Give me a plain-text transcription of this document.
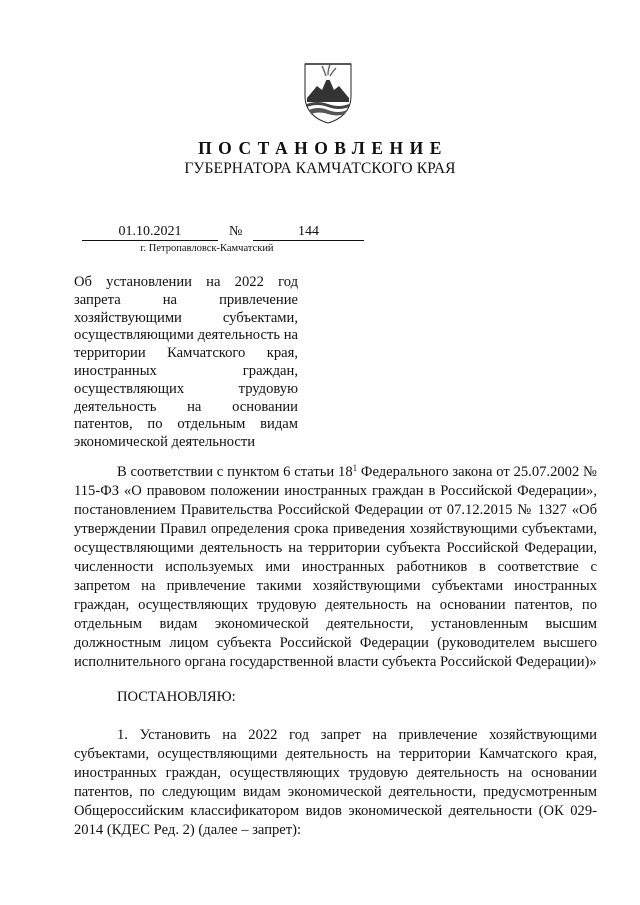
ПОСТАНОВЛЕНИЕ
ГУБЕРНАТОРА КАМЧАТСКОГО КРАЯ
01.10.2021	№	144
г. Петропавловск-Камчатский
Об установлении на 2022 год запрета на привлечение хозяйствующими субъектами, осуществляющими деятельность на территории Камчатского края, иностранных граждан, осуществляющих трудовую деятельность на основании патентов, по отдельным видам экономической деятельности
В соответствии с пунктом 6 статьи $18^1$ Федерального закона от 25.07.2002 № 115-ФЗ «О правовом положении иностранных граждан в Российской Федерации», постановлением Правительства Российской Федерации от 07.12.2015 № 1327 «Об утверждении Правил определения срока приведения хозяйствующими субъектами, осуществляющими деятельность на территории субъекта Российской Федерации, численности используемых ими иностранных работников в соответствие с запретом на привлечение такими хозяйствующими субъектами иностранных граждан, осуществляющих трудовую деятельность на основании патентов, по отдельным видам экономической деятельности, установленным высшим должностным лицом субъекта Российской Федерации (руководителем высшего исполнительного органа государственной власти субъекта Российской Федерации)»
ПОСТАНОВЛЯЮ:
1. Установить на 2022 год запрет на привлечение хозяйствующими субъектами, осуществляющими деятельность на территории Камчатского края, иностранных граждан, осуществляющих трудовую деятельность на основании патентов, по следующим видам экономической деятельности, предусмотренным Общероссийским классификатором видов экономической деятельности (ОК 029-2014 (КДЕС Ред. 2) (далее – запрет):
